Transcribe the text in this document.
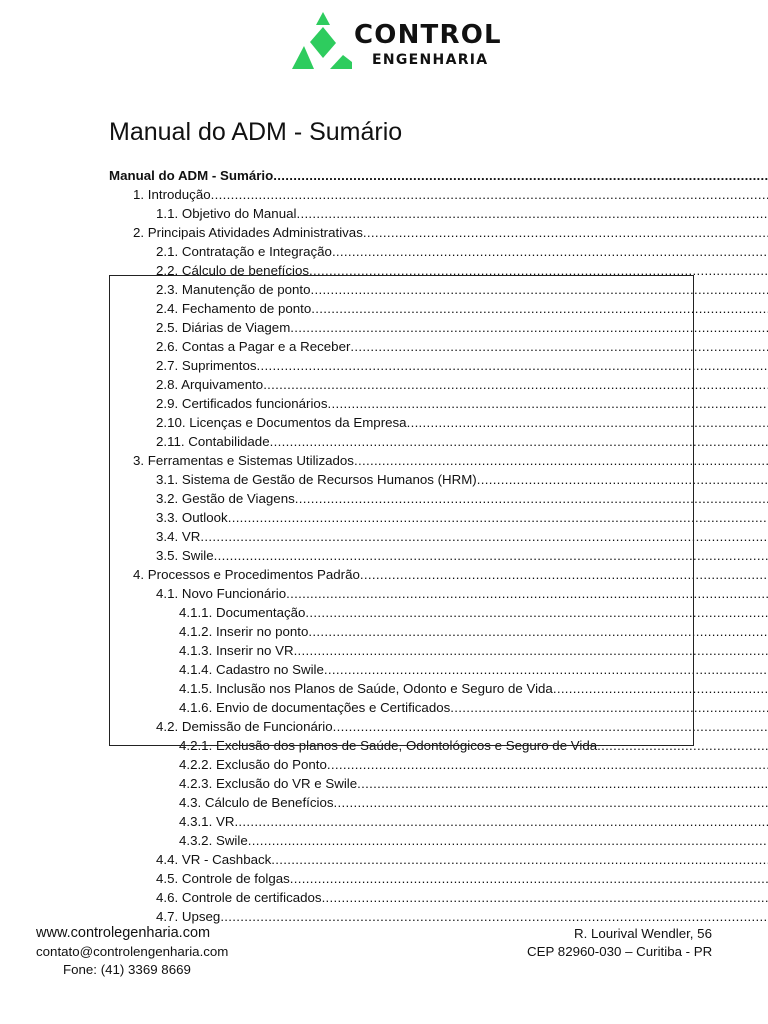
CONTROL
ENGENHARIA
Manual do ADM - Sumário
Manual do ADM - Sumário .....
1. Introdução .....
1.1. Objetivo do Manual .....
2. Principais Atividades Administrativas .....
2.1. Contratação e Integração .....
2.2. Cálculo de benefícios .....
2.3. Manutenção de ponto .....
2.4. Fechamento de ponto .....
2.5. Diárias de Viagem .....
2.6. Contas a Pagar e a Receber .....
2.7. Suprimentos .....
2.8. Arquivamento .....
2.9. Certificados funcionários .....
2.10. Licenças e Documentos da Empresa .....
2.11. Contabilidade .....
3. Ferramentas e Sistemas Utilizados .....
3.1. Sistema de Gestão de Recursos Humanos (HRM) .....
3.2. Gestão de Viagens .....
3.3. Outlook .....
3.4. VR .....
3.5. Swile .....
4. Processos e Procedimentos Padrão .....
4.1. Novo Funcionário .....
4.1.1. Documentação .....
4.1.2. Inserir no ponto .....
4.1.3. Inserir no VR .....
4.1.4. Cadastro no Swile .....
4.1.5. Inclusão nos Planos de Saúde, Odonto e Seguro de Vida .....
4.1.6. Envio de documentações e Certificados .....
4.2. Demissão de Funcionário .....
4.2.1. Exclusão dos planos de Saúde, Odontológicos e Seguro de Vida .....
4.2.2. Exclusão do Ponto .....
4.2.3. Exclusão do VR e Swile .....
4.3. Cálculo de Benefícios .....
4.3.1. VR .....
4.3.2. Swile .....
4.4. VR - Cashback .....
4.5. Controle de folgas .....
4.6. Controle de certificados .....
4.7. Upseg .....
www.controlegenharia.com
contato@controlengenharia.com
Fone: (41) 3369 8669
R. Lourival Wendler, 56
CEP 82960-030 – Curitiba - PR
